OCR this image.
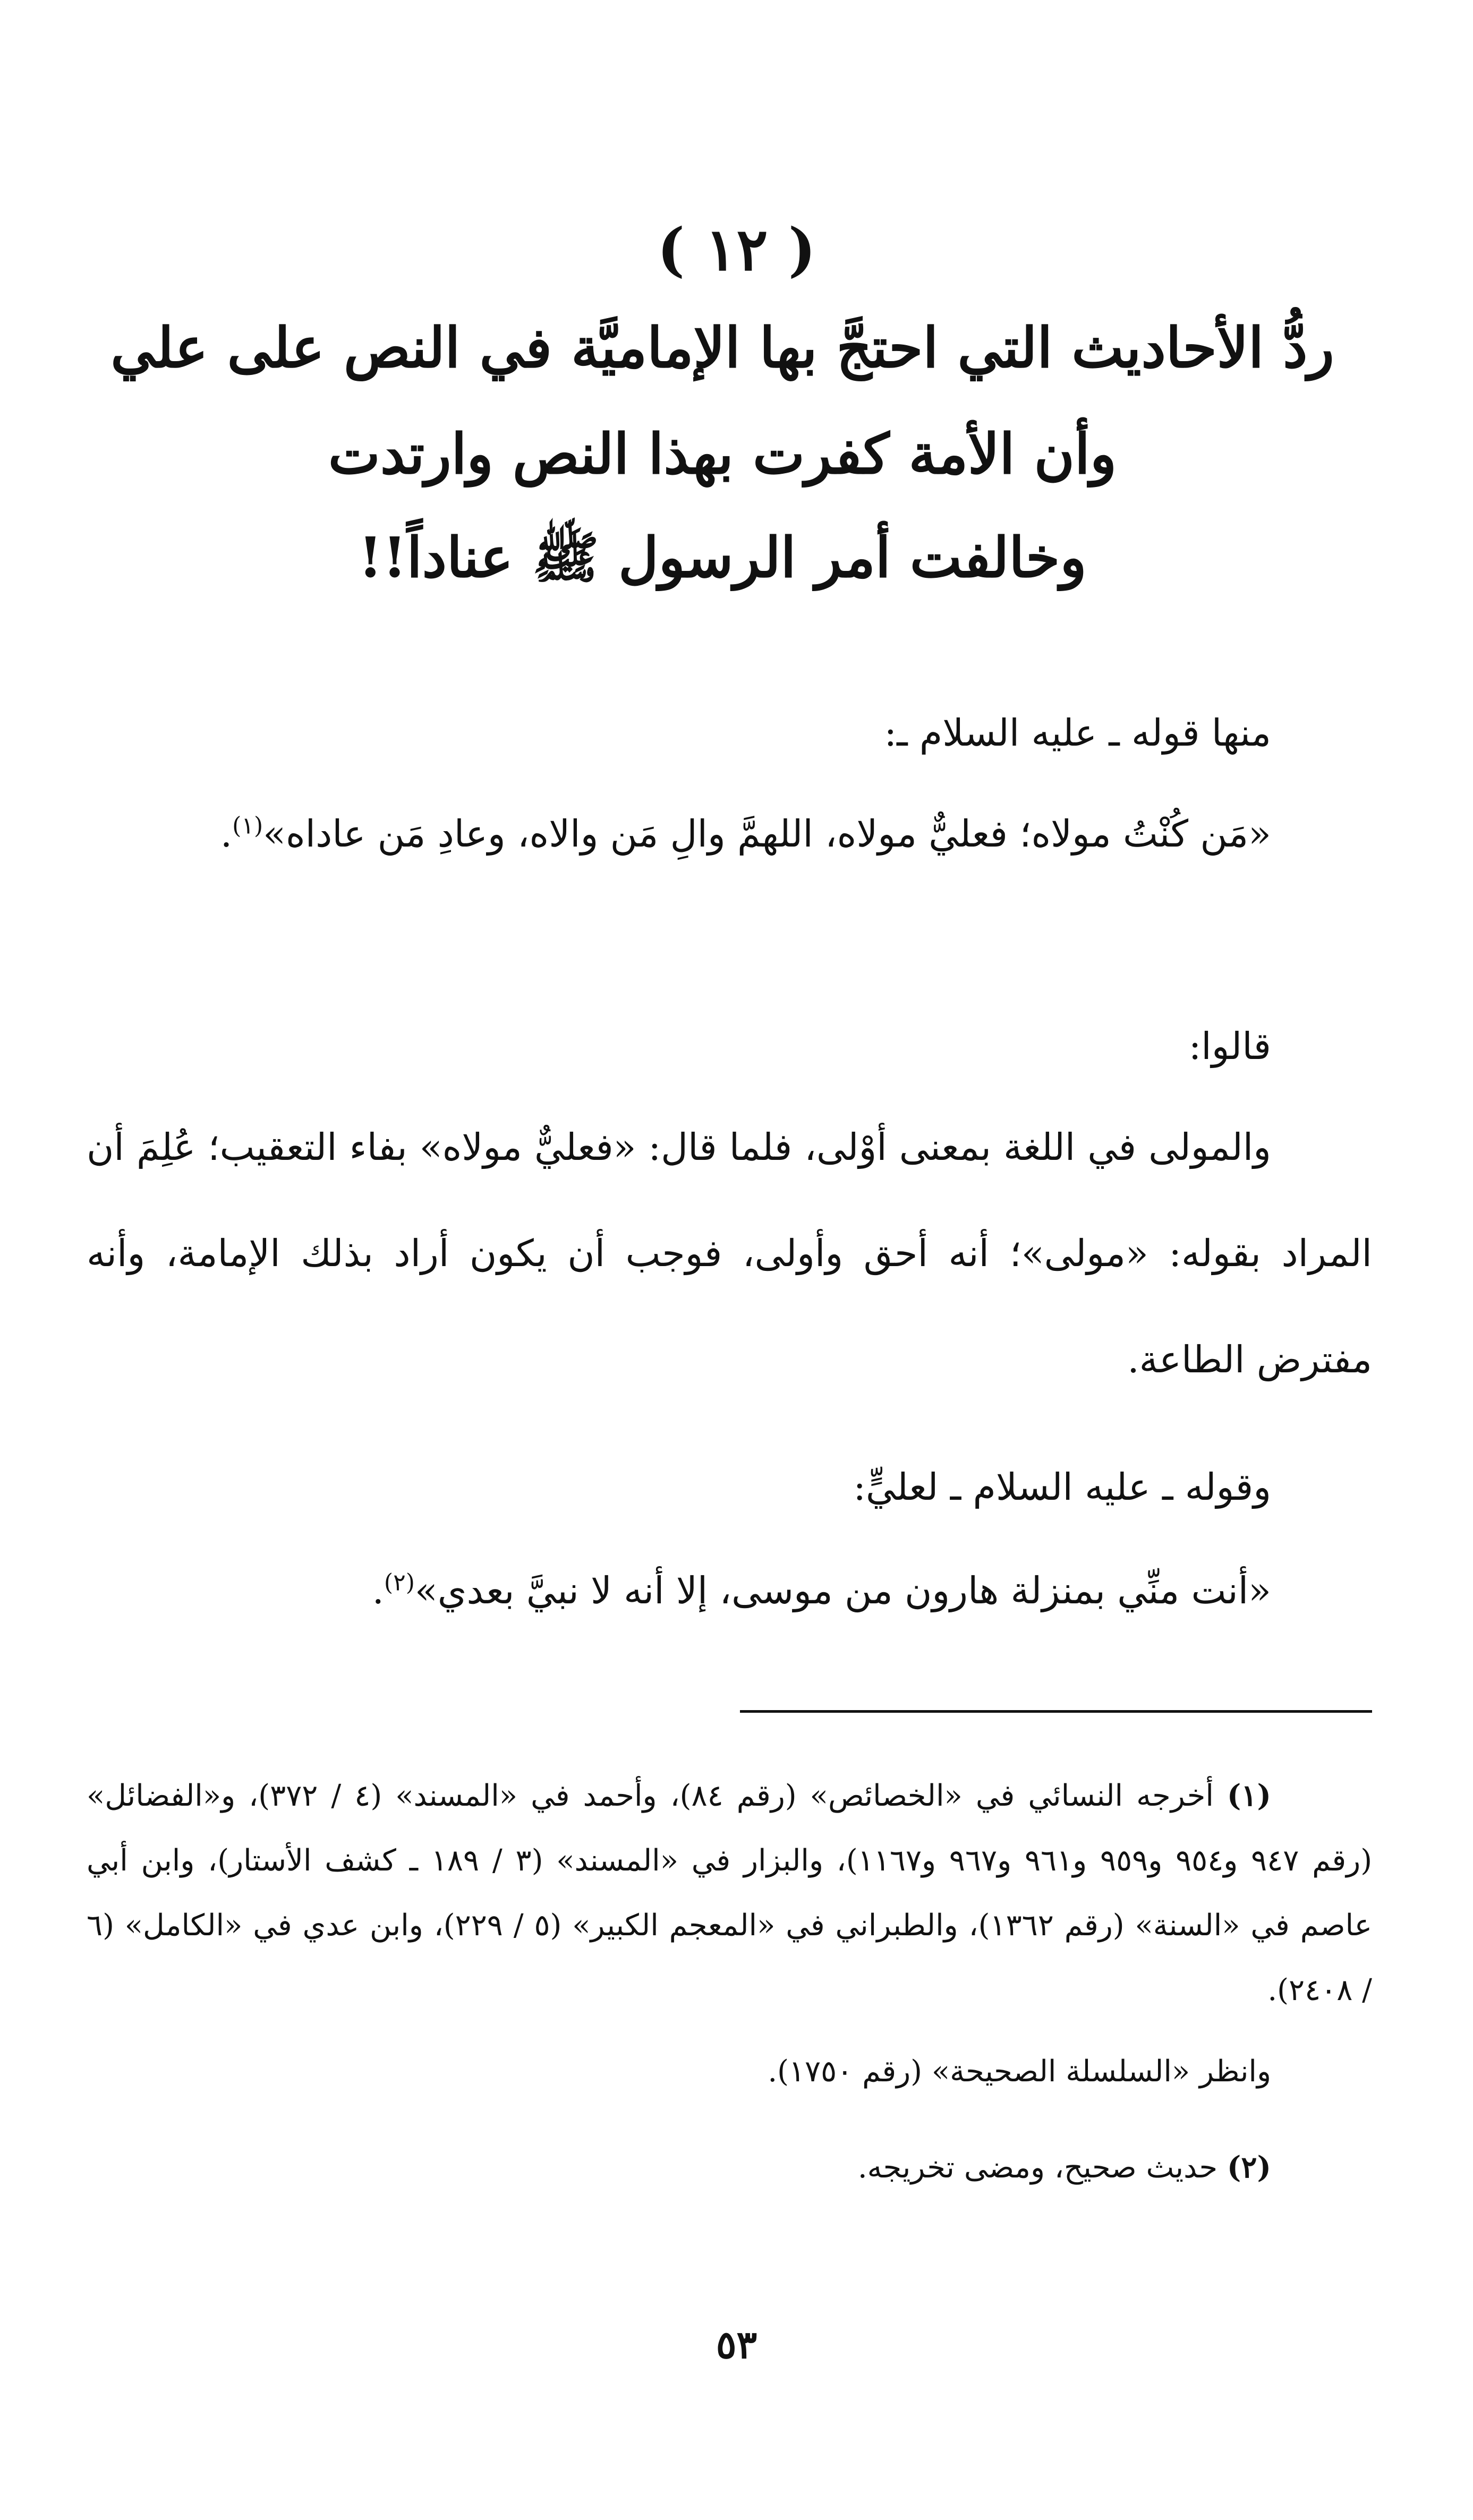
( ١٢ )
ردُّ الأحاديث التي احتجَّ بها الإماميَّة في النص على علي
وأن الأمة كفرت بهذا النص وارتدت
وخالفت أمر الرسول ﷺ عناداً!!
منها قوله ـ عليه السلام ـ:
«مَن كُنْتُ مولاه؛ فعليٌّ مولاه، اللهمَّ والِ مَن والاه، وعادِ مَن عاداه»$^{(١)}$.
قالوا:
والمولى في اللغة بمعنى أوْلى، فلما قال: «فعليٌّ مولاه» بفاء التعقيب؛ عُلِمَ أن المراد بقوله: «مولى»؛ أنه أحق وأولى، فوجب أن يكون أراد بذلك الإمامة، وأنه مفترض الطاعة.
وقوله ـ عليه السلام ـ لعليٍّ:
«أنت منِّي بمنزلة هارون من موسى، إلا أنه لا نبيَّ بعدي»$^{(٢)}$.
(١) أخرجه النسائي في «الخصائص» (رقم ٨٤)، وأحمد في «المسند» (٤ / ٣٧٢)، و«الفضائل» (رقم ٩٤٧ و٩٥٤ و٩٥٩ و٩٦١ و٩٦٧ و١١٦٧)، والبزار في «المسند» (٣ / ١٨٩ ـ كشف الأستار)، وابن أبي عاصم في «السنة» (رقم ١٣٦٢)، والطبراني في «المعجم الكبير» (٥ / ٢٢٩)، وابن عدي في «الكامل» (٦ / ٢٤٠٨).
وانظر «السلسلة الصحيحة» (رقم ١٧٥٠).
(٢) حديث صحيح، ومضى تخريجه.
٥٣
